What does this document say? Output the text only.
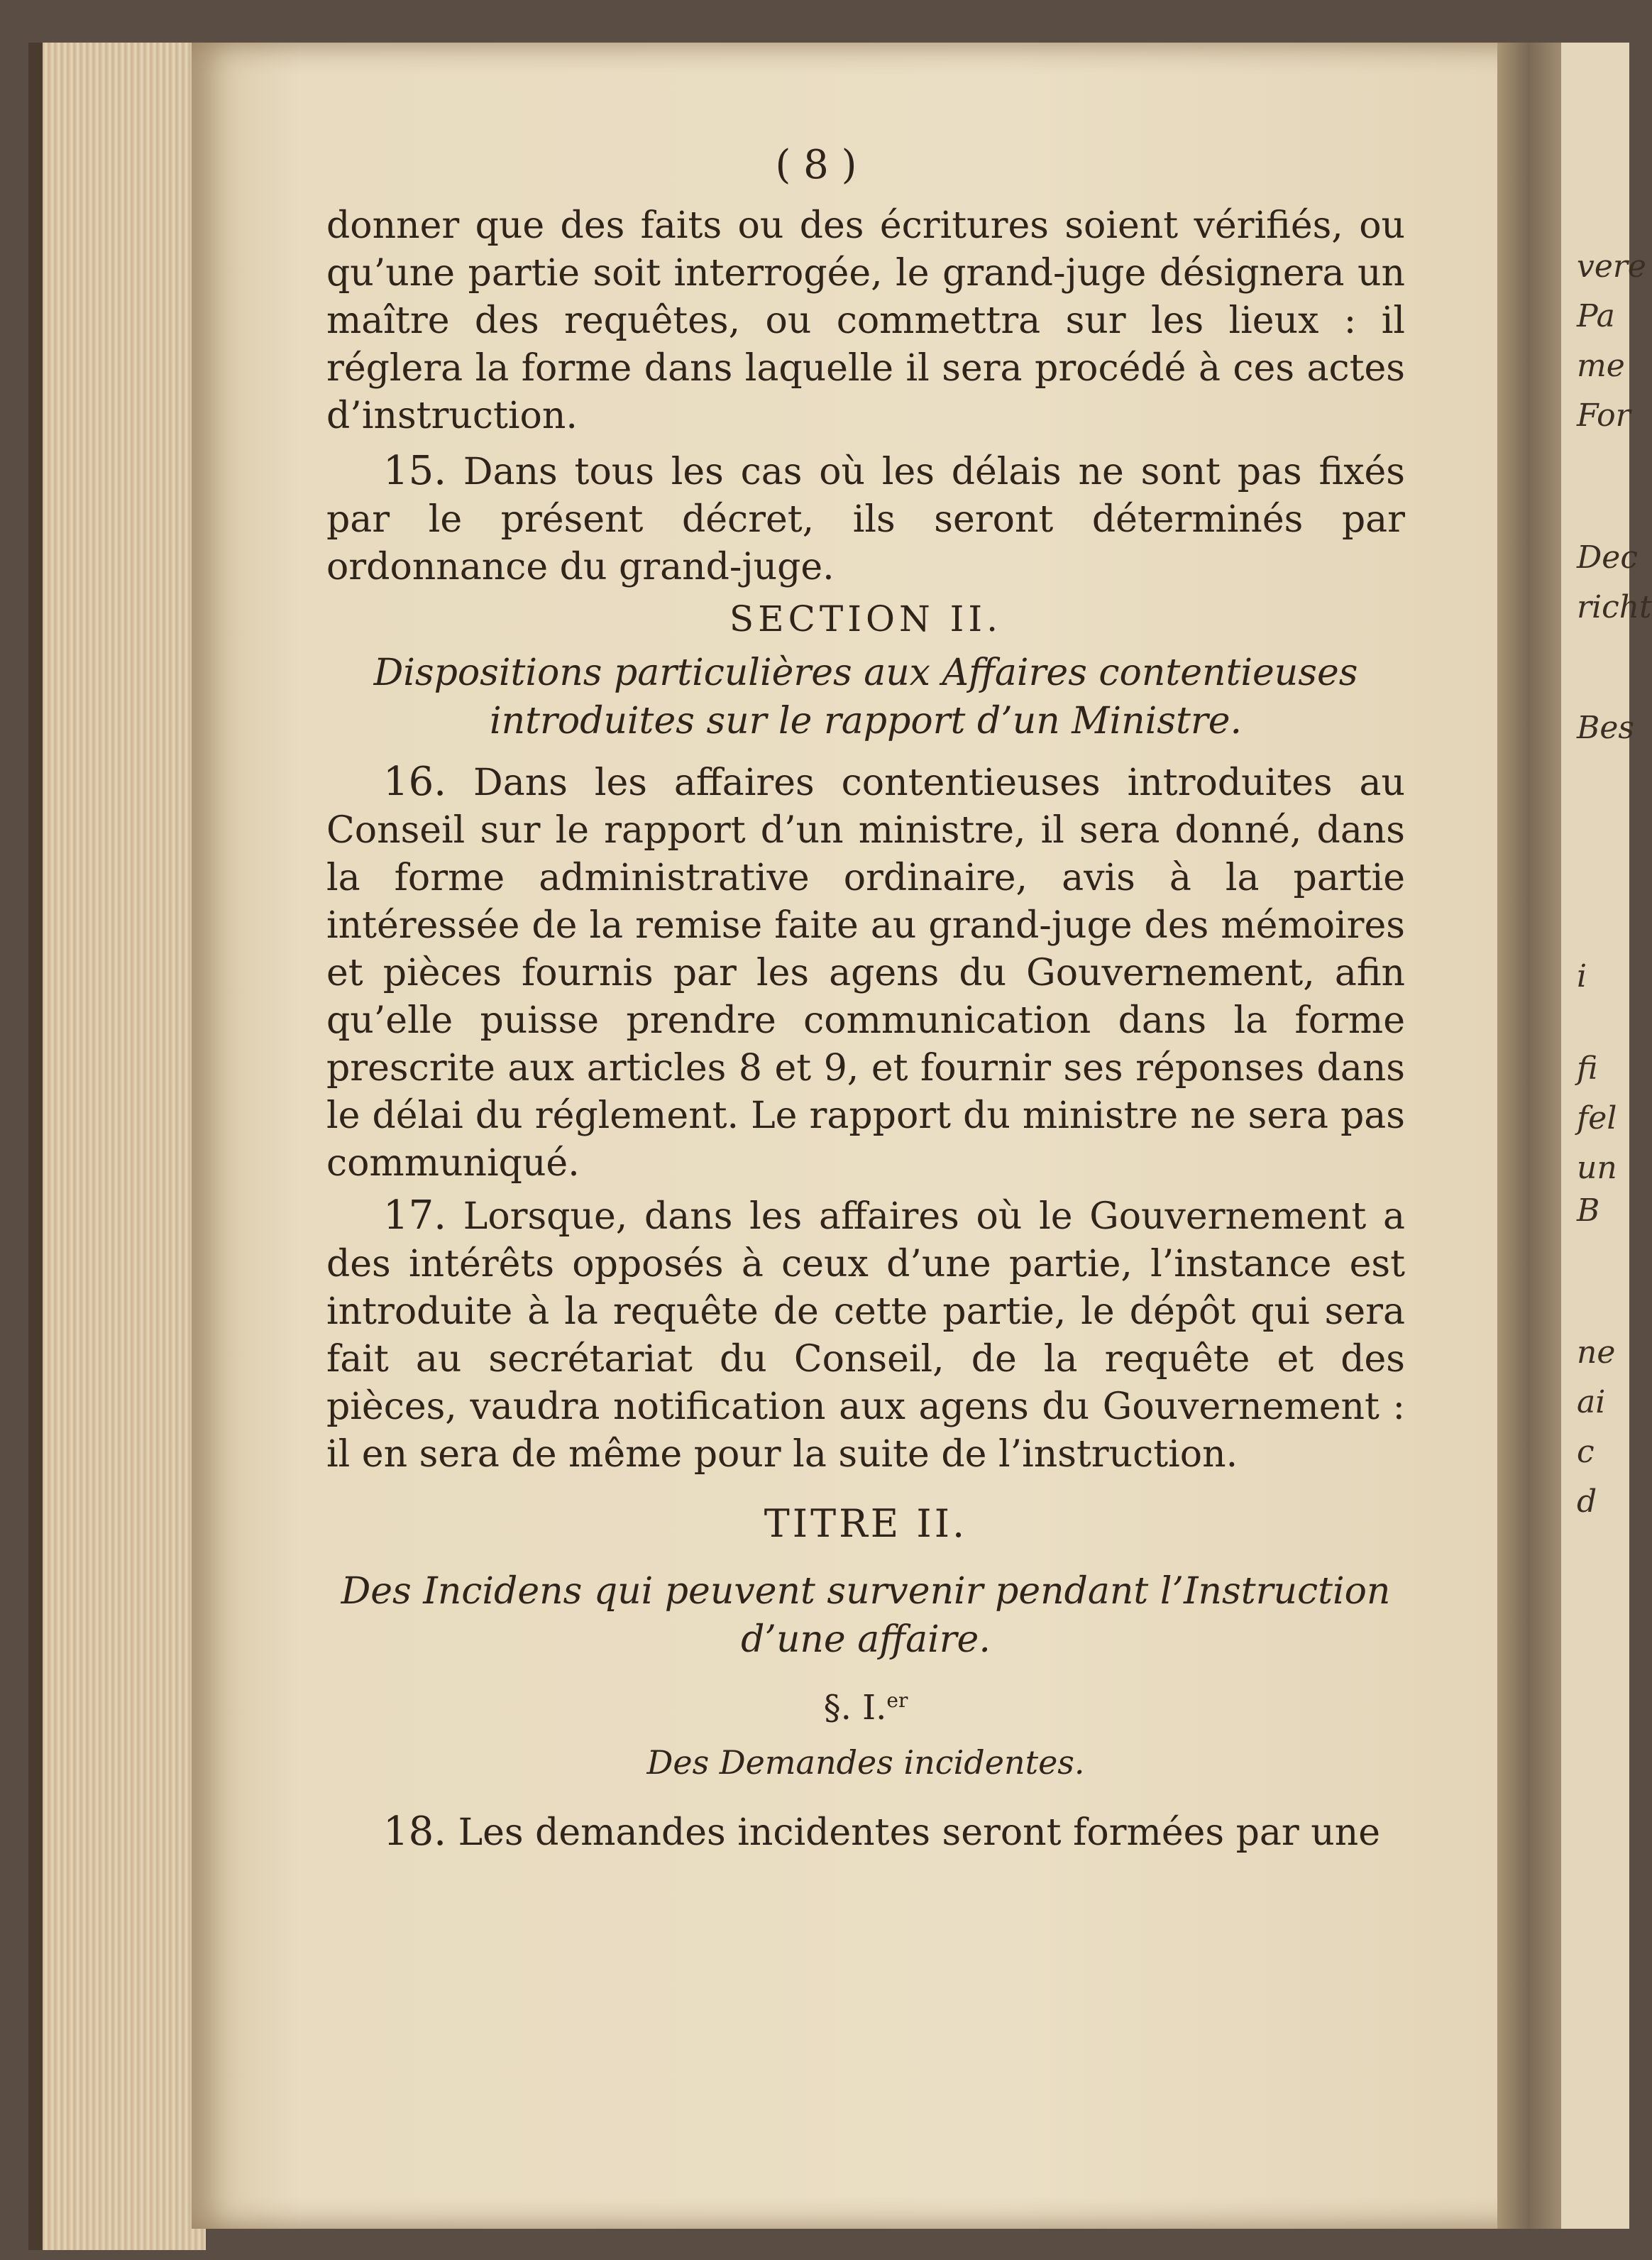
vere
Pa
me
For
Dec
richt
Bes
i
fi
fel
un
B
ne
ai
c
d
( 8 )

donner que des faits ou des écritures soient vérifiés, ou qu’une partie soit interrogée, le grand-juge désignera un maître des requêtes, ou commettra sur les lieux : il réglera la forme dans laquelle il sera procédé à ces actes d’instruction.

15. Dans tous les cas où les délais ne sont pas fixés par le présent décret, ils seront déterminés par ordonnance du grand-juge.

SECTION II.
Dispositions particulières aux Affaires contentieuses introduites sur le rapport d’un Ministre.

16. Dans les affaires contentieuses introduites au Conseil sur le rapport d’un ministre, il sera donné, dans la forme administrative ordinaire, avis à la partie intéressée de la remise faite au grand-juge des mémoires et pièces fournis par les agens du Gouvernement, afin qu’elle puisse prendre communication dans la forme prescrite aux articles 8 et 9, et fournir ses réponses dans le délai du réglement. Le rapport du ministre ne sera pas communiqué.

17. Lorsque, dans les affaires où le Gouvernement a des intérêts opposés à ceux d’une partie, l’instance est introduite à la requête de cette partie, le dépôt qui sera fait au secrétariat du Conseil, de la requête et des pièces, vaudra notification aux agens du Gouvernement : il en sera de même pour la suite de l’instruction.

TITRE II.
Des Incidens qui peuvent survenir pendant l’Instruction d’une affaire.
§. I.$^{er}$
Des Demandes incidentes.

18. Les demandes incidentes seront formées par une
